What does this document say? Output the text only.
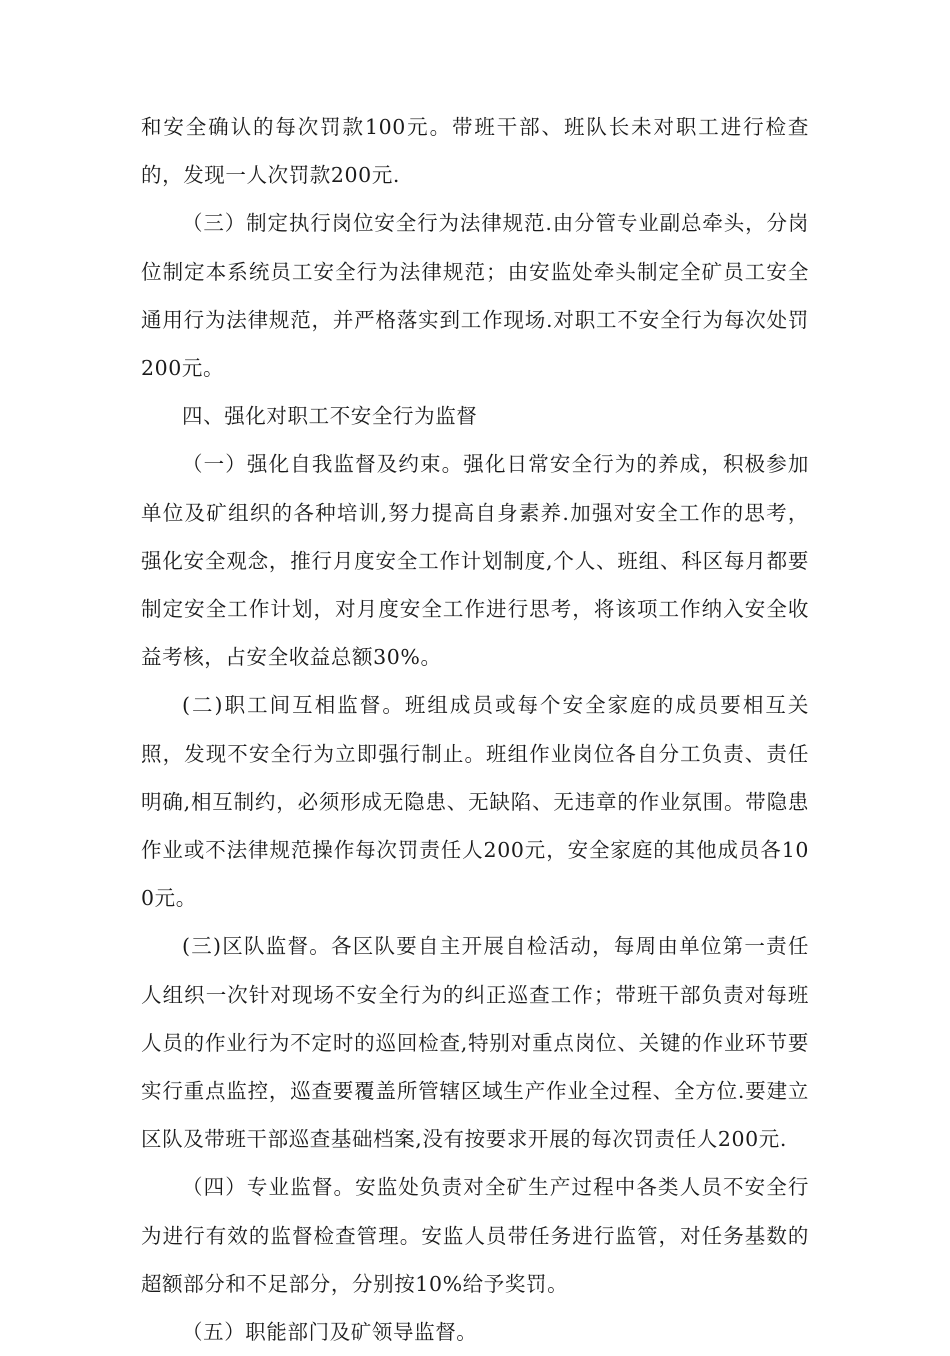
和安全确认的每次罚款100元。带班干部、班队长未对职工进行检查的，发现一人次罚款200元.

（三）制定执行岗位安全行为法律规范.由分管专业副总牵头，分岗位制定本系统员工安全行为法律规范；由安监处牵头制定全矿员工安全通用行为法律规范，并严格落实到工作现场.对职工不安全行为每次处罚200元。

四、强化对职工不安全行为监督

（一）强化自我监督及约束。强化日常安全行为的养成，积极参加单位及矿组织的各种培训,努力提高自身素养.加强对安全工作的思考，强化安全观念，推行月度安全工作计划制度,个人、班组、科区每月都要制定安全工作计划，对月度安全工作进行思考，将该项工作纳入安全收益考核，占安全收益总额30%。

(二)职工间互相监督。班组成员或每个安全家庭的成员要相互关照，发现不安全行为立即强行制止。班组作业岗位各自分工负责、责任明确,相互制约，必须形成无隐患、无缺陷、无违章的作业氛围。带隐患作业或不法律规范操作每次罚责任人200元，安全家庭的其他成员各100元。

(三)区队监督。各区队要自主开展自检活动，每周由单位第一责任人组织一次针对现场不安全行为的纠正巡查工作；带班干部负责对每班人员的作业行为不定时的巡回检查,特别对重点岗位、关键的作业环节要实行重点监控，巡查要覆盖所管辖区域生产作业全过程、全方位.要建立区队及带班干部巡查基础档案,没有按要求开展的每次罚责任人200元.

（四）专业监督。安监处负责对全矿生产过程中各类人员不安全行为进行有效的监督检查管理。安监人员带任务进行监管，对任务基数的超额部分和不足部分，分别按10%给予奖罚。

（五）职能部门及矿领导监督。
